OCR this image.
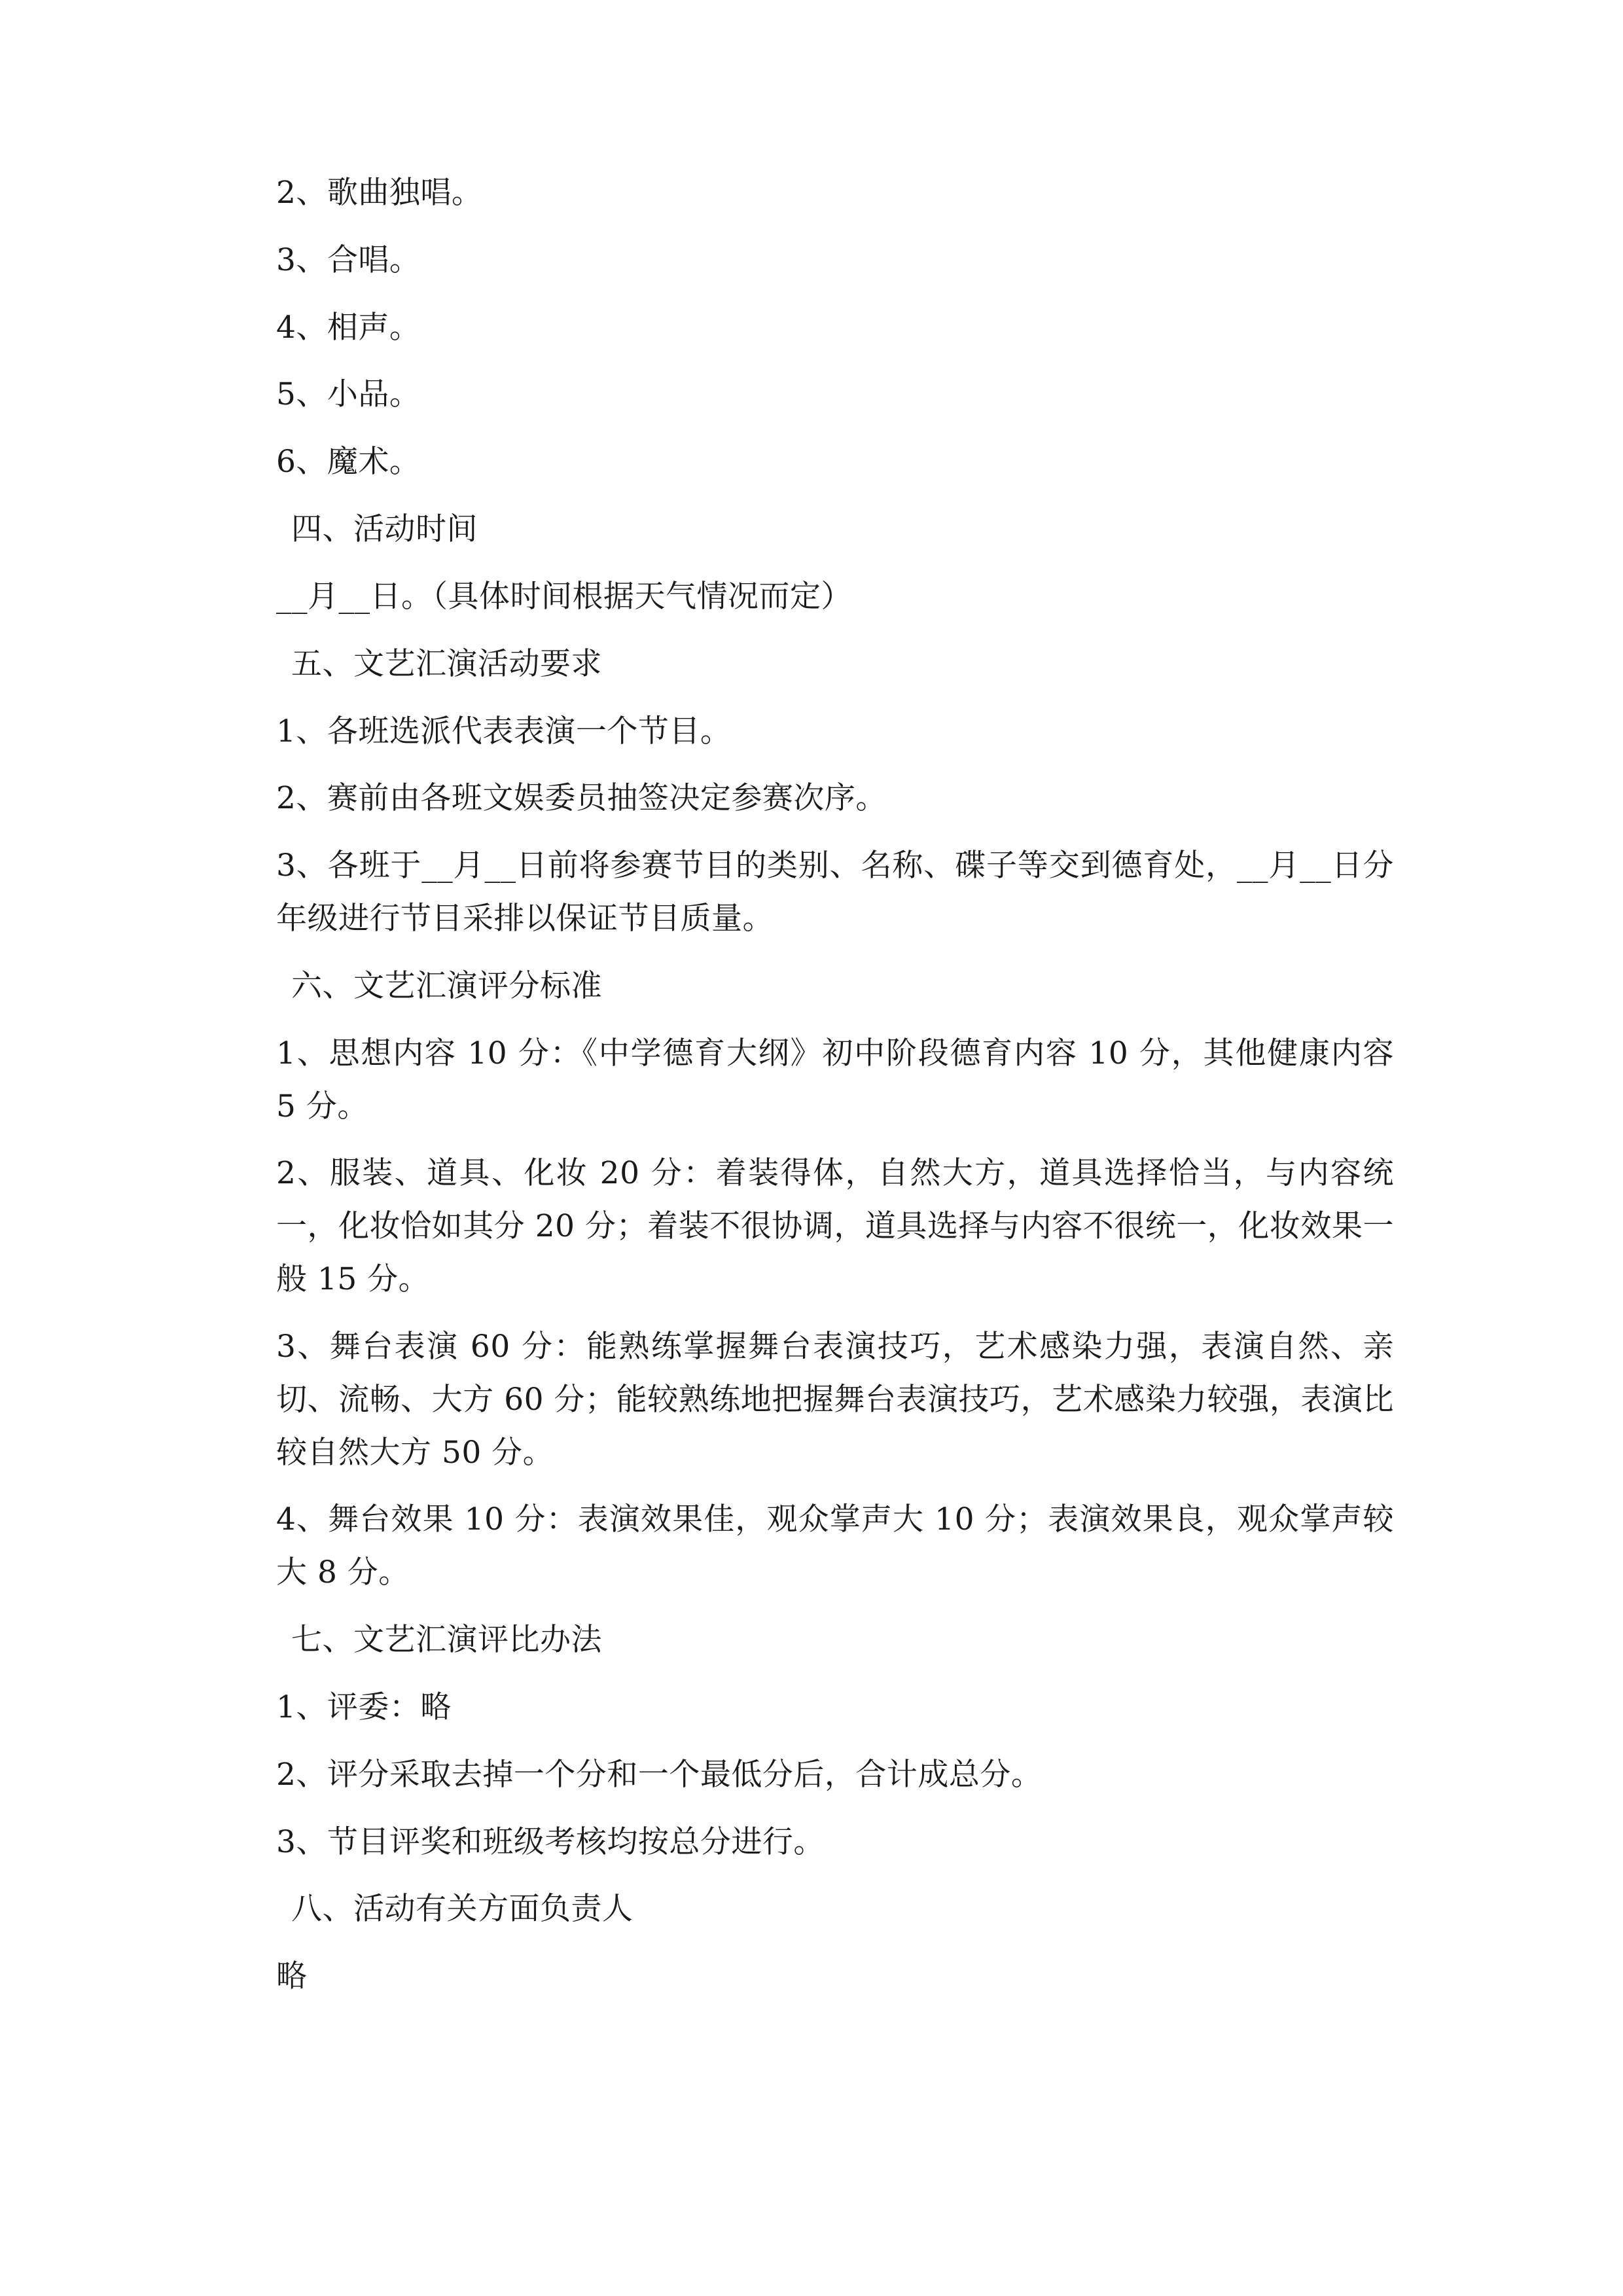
2、歌曲独唱。

3、合唱。

4、相声。

5、小品。

6、魔术。

四、活动时间

__月__日。（具体时间根据天气情况而定）

五、文艺汇演活动要求

1、各班选派代表表演一个节目。

2、赛前由各班文娱委员抽签决定参赛次序。

3、各班于__月__日前将参赛节目的类别、名称、碟子等交到德育处，__月__日分年级进行节目采排以保证节目质量。

六、文艺汇演评分标准

1、思想内容 10 分：《中学德育大纲》初中阶段德育内容 10 分，其他健康内容 5 分。

2、服装、道具、化妆 20 分：着装得体，自然大方，道具选择恰当，与内容统一，化妆恰如其分 20 分；着装不很协调，道具选择与内容不很统一，化妆效果一般 15 分。

3、舞台表演 60 分：能熟练掌握舞台表演技巧，艺术感染力强，表演自然、亲切、流畅、大方 60 分；能较熟练地把握舞台表演技巧，艺术感染力较强，表演比较自然大方 50 分。

4、舞台效果 10 分：表演效果佳，观众掌声大 10 分；表演效果良，观众掌声较大 8 分。

七、文艺汇演评比办法

1、评委：略

2、评分采取去掉一个分和一个最低分后，合计成总分。

3、节目评奖和班级考核均按总分进行。

八、活动有关方面负责人

略
